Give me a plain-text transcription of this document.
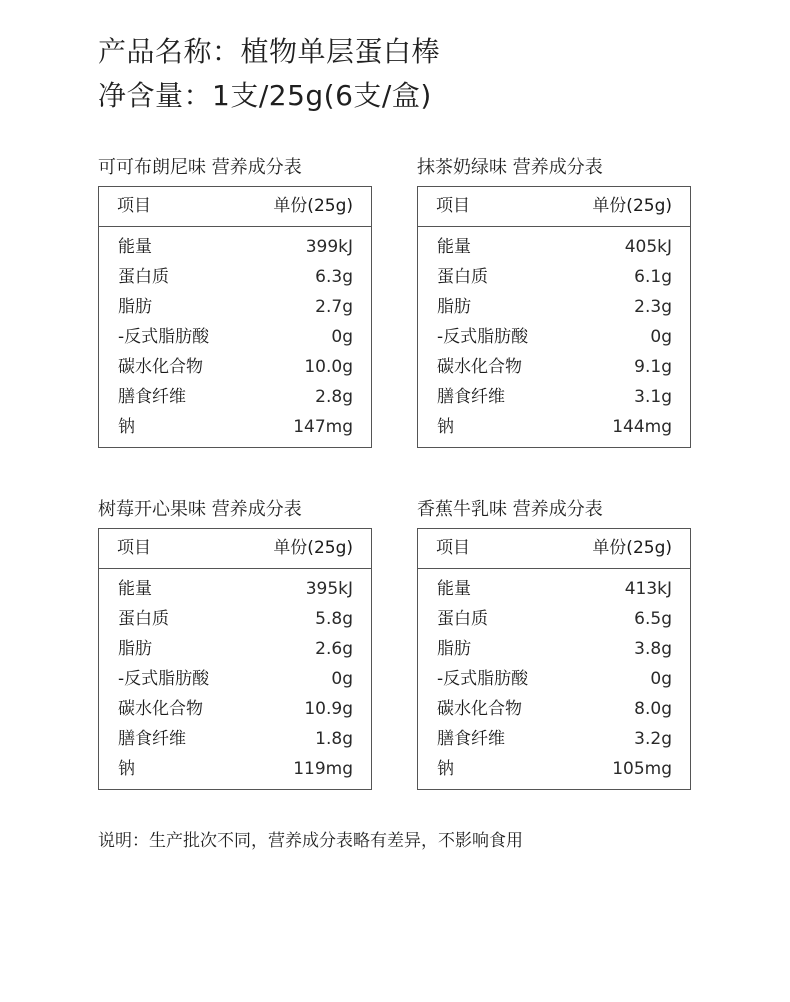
产品名称：植物单层蛋白棒
净含量：1支/25g(6支/盒)
可可布朗尼味 营养成分表
项目	单份(25g)
能量	399kJ
蛋白质	6.3g
脂肪	2.7g
-反式脂肪酸	0g
碳水化合物	10.0g
膳食纤维	2.8g
钠	147mg
抹茶奶绿味 营养成分表
项目	单份(25g)
能量	405kJ
蛋白质	6.1g
脂肪	2.3g
-反式脂肪酸	0g
碳水化合物	9.1g
膳食纤维	3.1g
钠	144mg
树莓开心果味 营养成分表
项目	单份(25g)
能量	395kJ
蛋白质	5.8g
脂肪	2.6g
-反式脂肪酸	0g
碳水化合物	10.9g
膳食纤维	1.8g
钠	119mg
香蕉牛乳味 营养成分表
项目	单份(25g)
能量	413kJ
蛋白质	6.5g
脂肪	3.8g
-反式脂肪酸	0g
碳水化合物	8.0g
膳食纤维	3.2g
钠	105mg
说明：生产批次不同，营养成分表略有差异，不影响食用
